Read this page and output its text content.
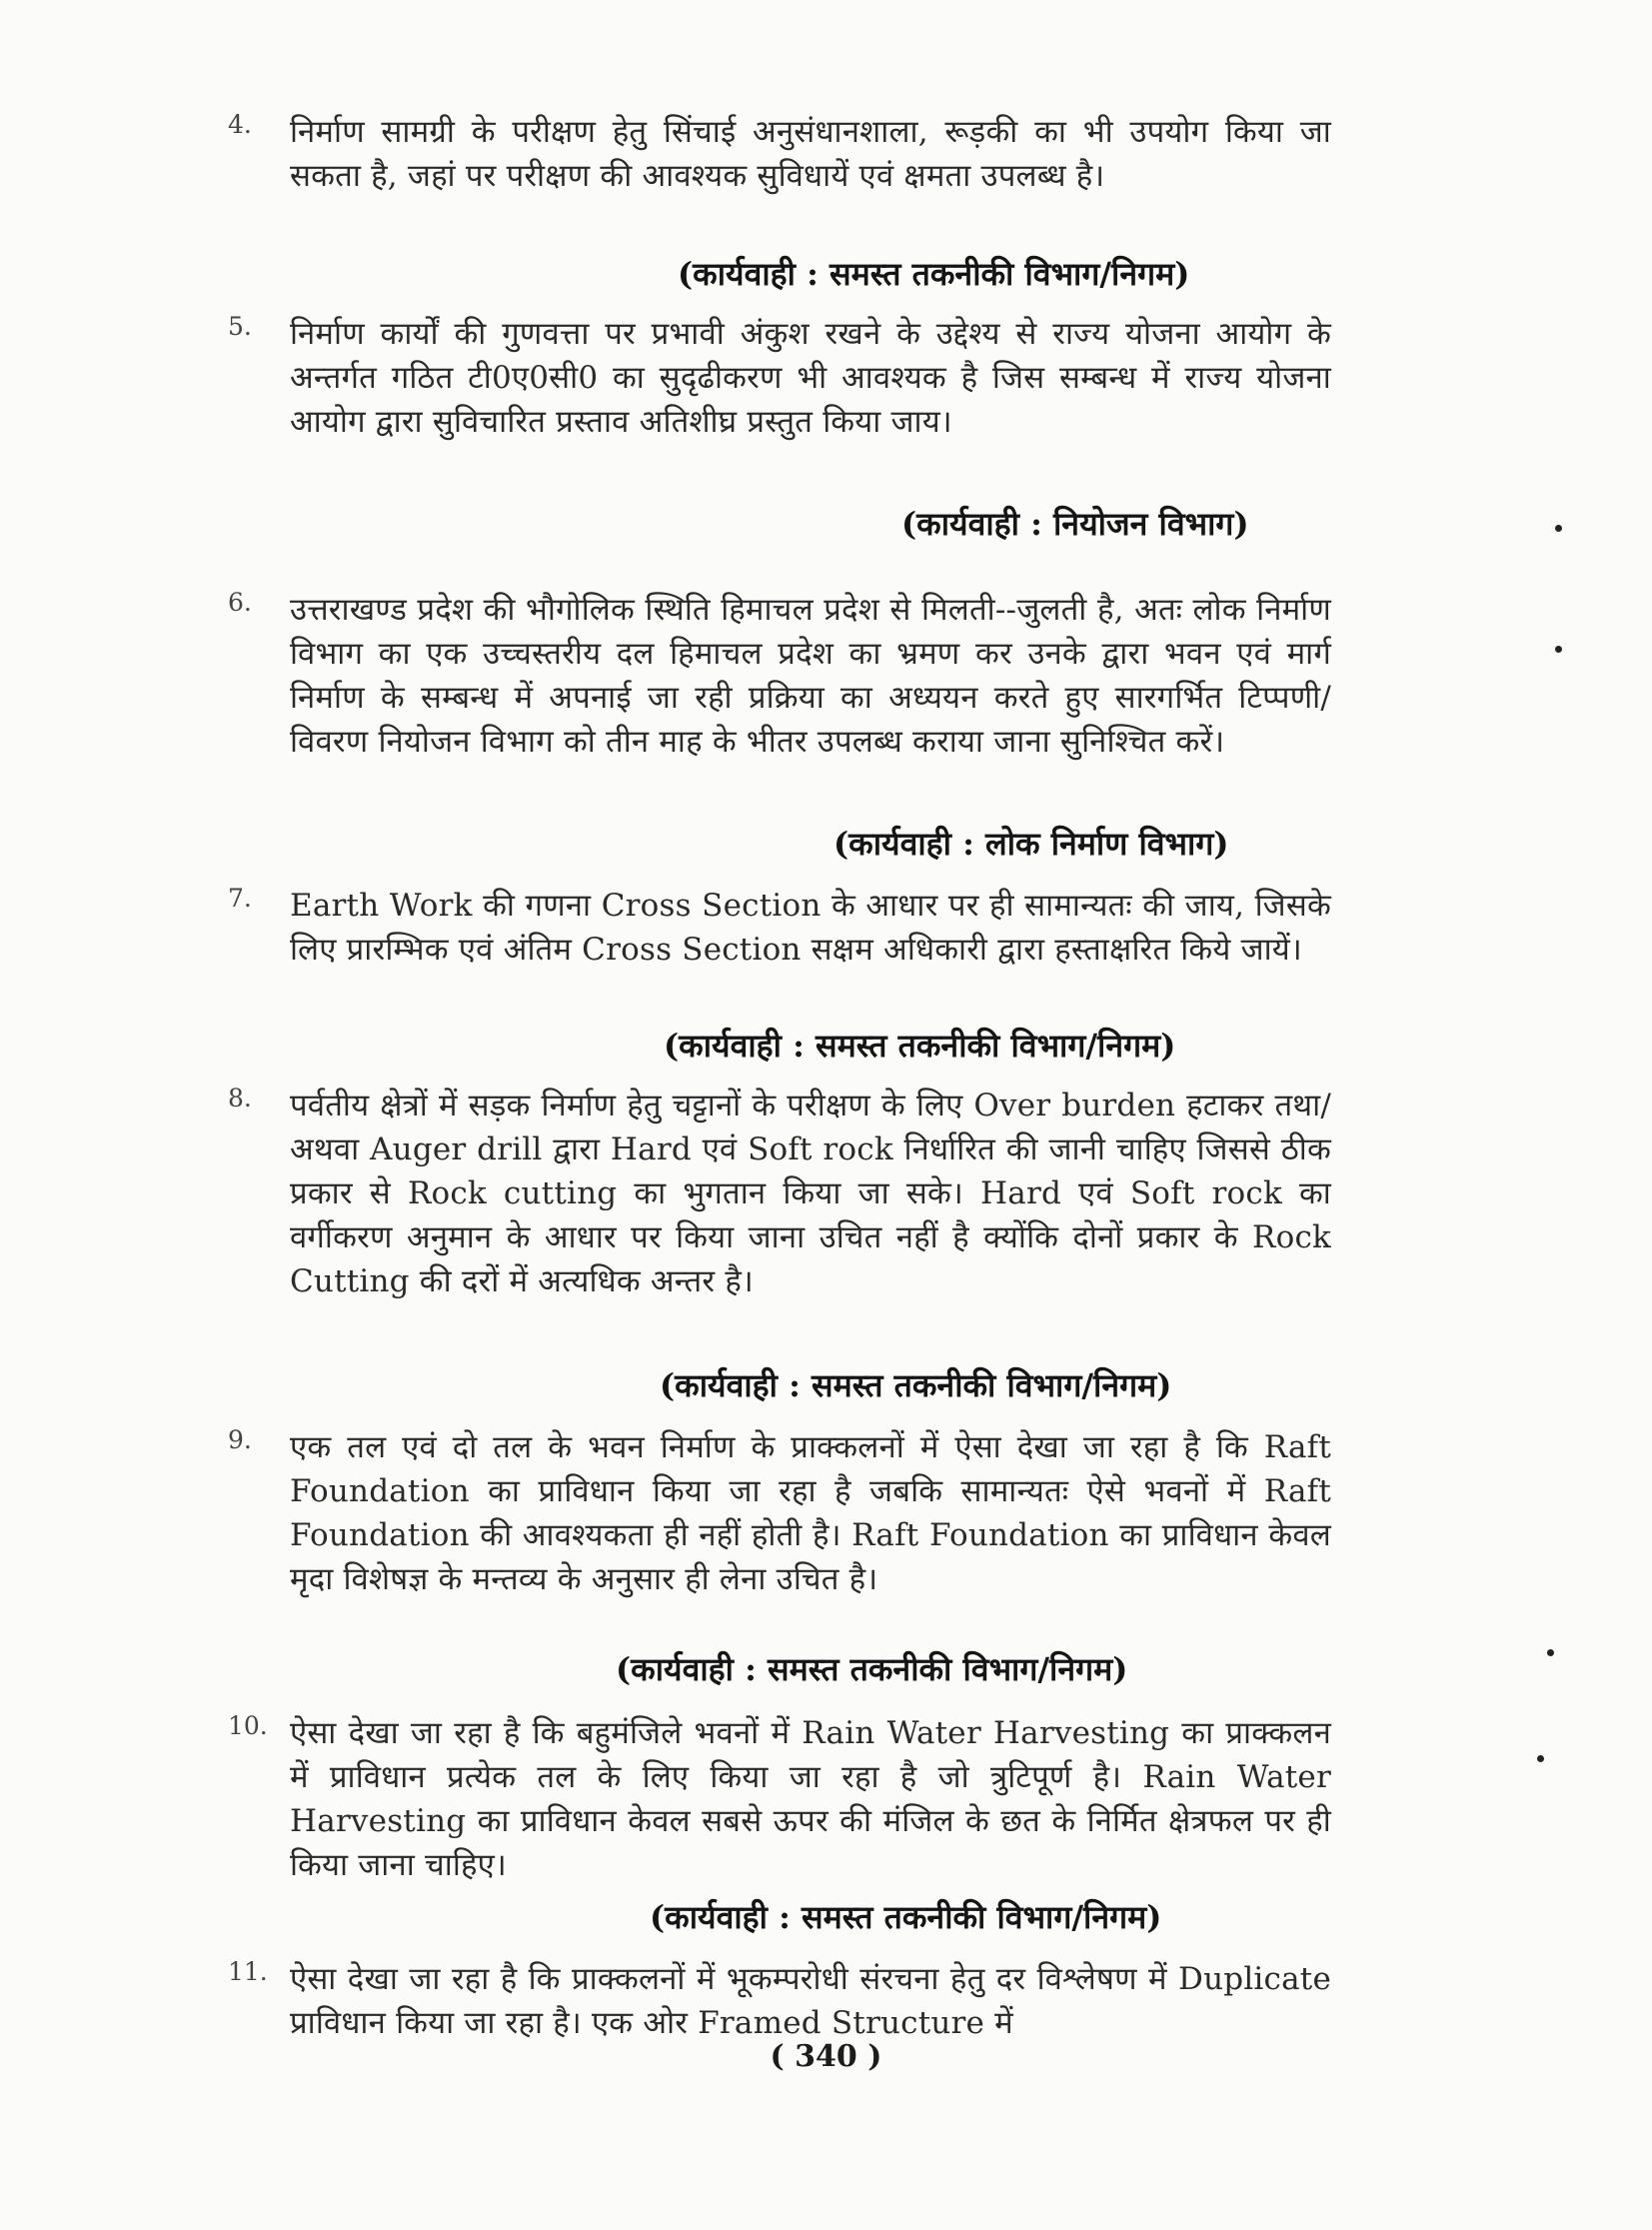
4. निर्माण सामग्री के परीक्षण हेतु सिंचाई अनुसंधानशाला, रूड़की का भी उपयोग किया जा सकता है, जहां पर परीक्षण की आवश्यक सुविधायें एवं क्षमता उपलब्ध है।
(कार्यवाही : समस्त तकनीकी विभाग/निगम)
5. निर्माण कार्यों की गुणवत्ता पर प्रभावी अंकुश रखने के उद्देश्य से राज्य योजना आयोग के अन्तर्गत गठित टी0ए0सी0 का सुदृढीकरण भी आवश्यक है जिस सम्बन्ध में राज्य योजना आयोग द्वारा सुविचारित प्रस्ताव अतिशीघ्र प्रस्तुत किया जाय।
(कार्यवाही : नियोजन विभाग)
6. उत्तराखण्ड प्रदेश की भौगोलिक स्थिति हिमाचल प्रदेश से मिलती--जुलती है, अतः लोक निर्माण विभाग का एक उच्चस्तरीय दल हिमाचल प्रदेश का भ्रमण कर उनके द्वारा भवन एवं मार्ग निर्माण के सम्बन्ध में अपनाई जा रही प्रक्रिया का अध्ययन करते हुए सारगर्भित टिप्पणी/विवरण नियोजन विभाग को तीन माह के भीतर उपलब्ध कराया जाना सुनिश्चित करें।
(कार्यवाही : लोक निर्माण विभाग)
7. Earth Work की गणना Cross Section के आधार पर ही सामान्यतः की जाय, जिसके लिए प्रारम्भिक एवं अंतिम Cross Section सक्षम अधिकारी द्वारा हस्ताक्षरित किये जायें।
(कार्यवाही : समस्त तकनीकी विभाग/निगम)
8. पर्वतीय क्षेत्रों में सड़क निर्माण हेतु चट्टानों के परीक्षण के लिए Over burden हटाकर तथा/अथवा Auger drill द्वारा Hard एवं Soft rock निर्धारित की जानी चाहिए जिससे ठीक प्रकार से Rock cutting का भुगतान किया जा सके। Hard एवं Soft rock का वर्गीकरण अनुमान के आधार पर किया जाना उचित नहीं है क्योंकि दोनों प्रकार के Rock Cutting की दरों में अत्यधिक अन्तर है।
(कार्यवाही : समस्त तकनीकी विभाग/निगम)
9. एक तल एवं दो तल के भवन निर्माण के प्राक्कलनों में ऐसा देखा जा रहा है कि Raft Foundation का प्राविधान किया जा रहा है जबकि सामान्यतः ऐसे भवनों में Raft Foundation की आवश्यकता ही नहीं होती है। Raft Foundation का प्राविधान केवल मृदा विशेषज्ञ के मन्तव्य के अनुसार ही लेना उचित है।
(कार्यवाही : समस्त तकनीकी विभाग/निगम)
10. ऐसा देखा जा रहा है कि बहुमंजिले भवनों में Rain Water Harvesting का प्राक्कलन में प्राविधान प्रत्येक तल के लिए किया जा रहा है जो त्रुटिपूर्ण है। Rain Water Harvesting का प्राविधान केवल सबसे ऊपर की मंजिल के छत के निर्मित क्षेत्रफल पर ही किया जाना चाहिए।
(कार्यवाही : समस्त तकनीकी विभाग/निगम)
11. ऐसा देखा जा रहा है कि प्राक्कलनों में भूकम्परोधी संरचना हेतु दर विश्लेषण में Duplicate प्राविधान किया जा रहा है। एक ओर Framed Structure में
( 340 )
